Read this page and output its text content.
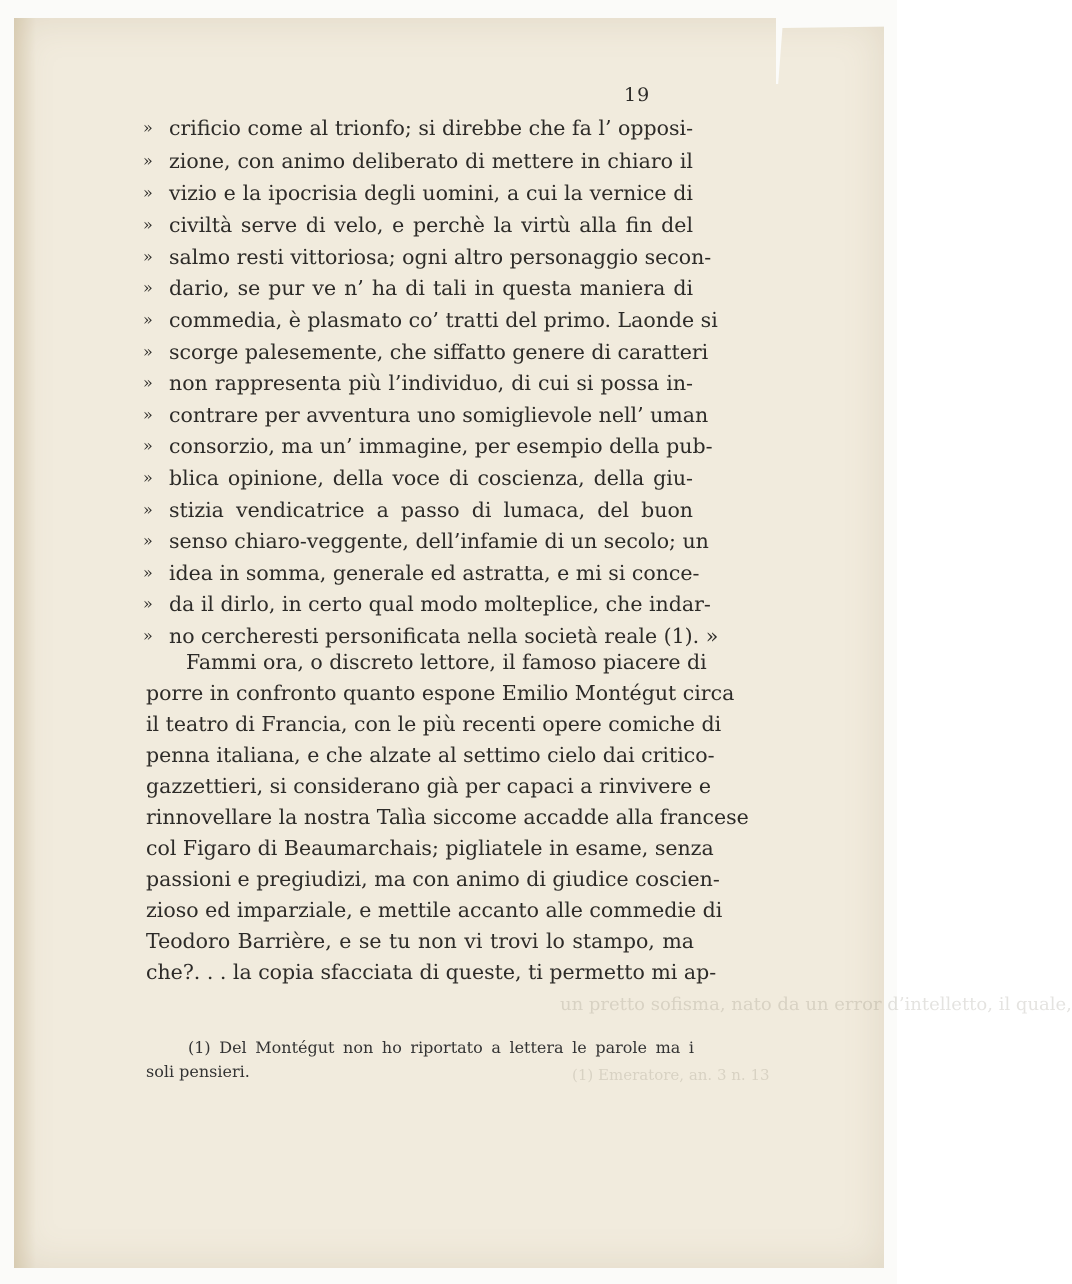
19
» crificio come al trionfo; si direbbe che fa l’ opposi-
» zione, con animo deliberato di mettere in chiaro il
» vizio e la ipocrisia degli uomini, a cui la vernice di
» civiltà serve di velo, e perchè la virtù alla fin del
» salmo resti vittoriosa; ogni altro personaggio secon-
» dario, se pur ve n’ ha di tali in questa maniera di
» commedia, è plasmato co’ tratti del primo. Laonde si
» scorge palesemente, che siffatto genere di caratteri
» non rappresenta più l’individuo, di cui si possa in-
» contrare per avventura uno somiglievole nell’ uman
» consorzio, ma un’ immagine, per esempio della pub-
» blica opinione, della voce di coscienza, della giu-
» stizia vendicatrice a passo di lumaca, del buon
» senso chiaro-veggente, dell’infamie di un secolo; un
» idea in somma, generale ed astratta, e mi si conce-
» da il dirlo, in certo qual modo molteplice, che indar-
» no cercheresti personificata nella società reale (1). »
Fammi ora, o discreto lettore, il famoso piacere di
porre in confronto quanto espone Emilio Montégut circa
il teatro di Francia, con le più recenti opere comiche di
penna italiana, e che alzate al settimo cielo dai critico-
gazzettieri, si considerano già per capaci a rinvivere e
rinnovellare la nostra Talìa siccome accadde alla francese
col Figaro di Beaumarchais; pigliatele in esame, senza
passioni e pregiudizi, ma con animo di giudice coscien-
zioso ed imparziale, e mettile accanto alle commedie di
Teodoro Barrière, e se tu non vi trovi lo stampo, ma
che?. . . la copia sfacciata di queste, ti permetto mi ap-
un pretto sofisma, nato da un error d’intelletto, il quale,
(1) Emeratore, an. 3 n. 13
(1) Del Montégut non ho riportato a lettera le parole ma i
soli pensieri.
